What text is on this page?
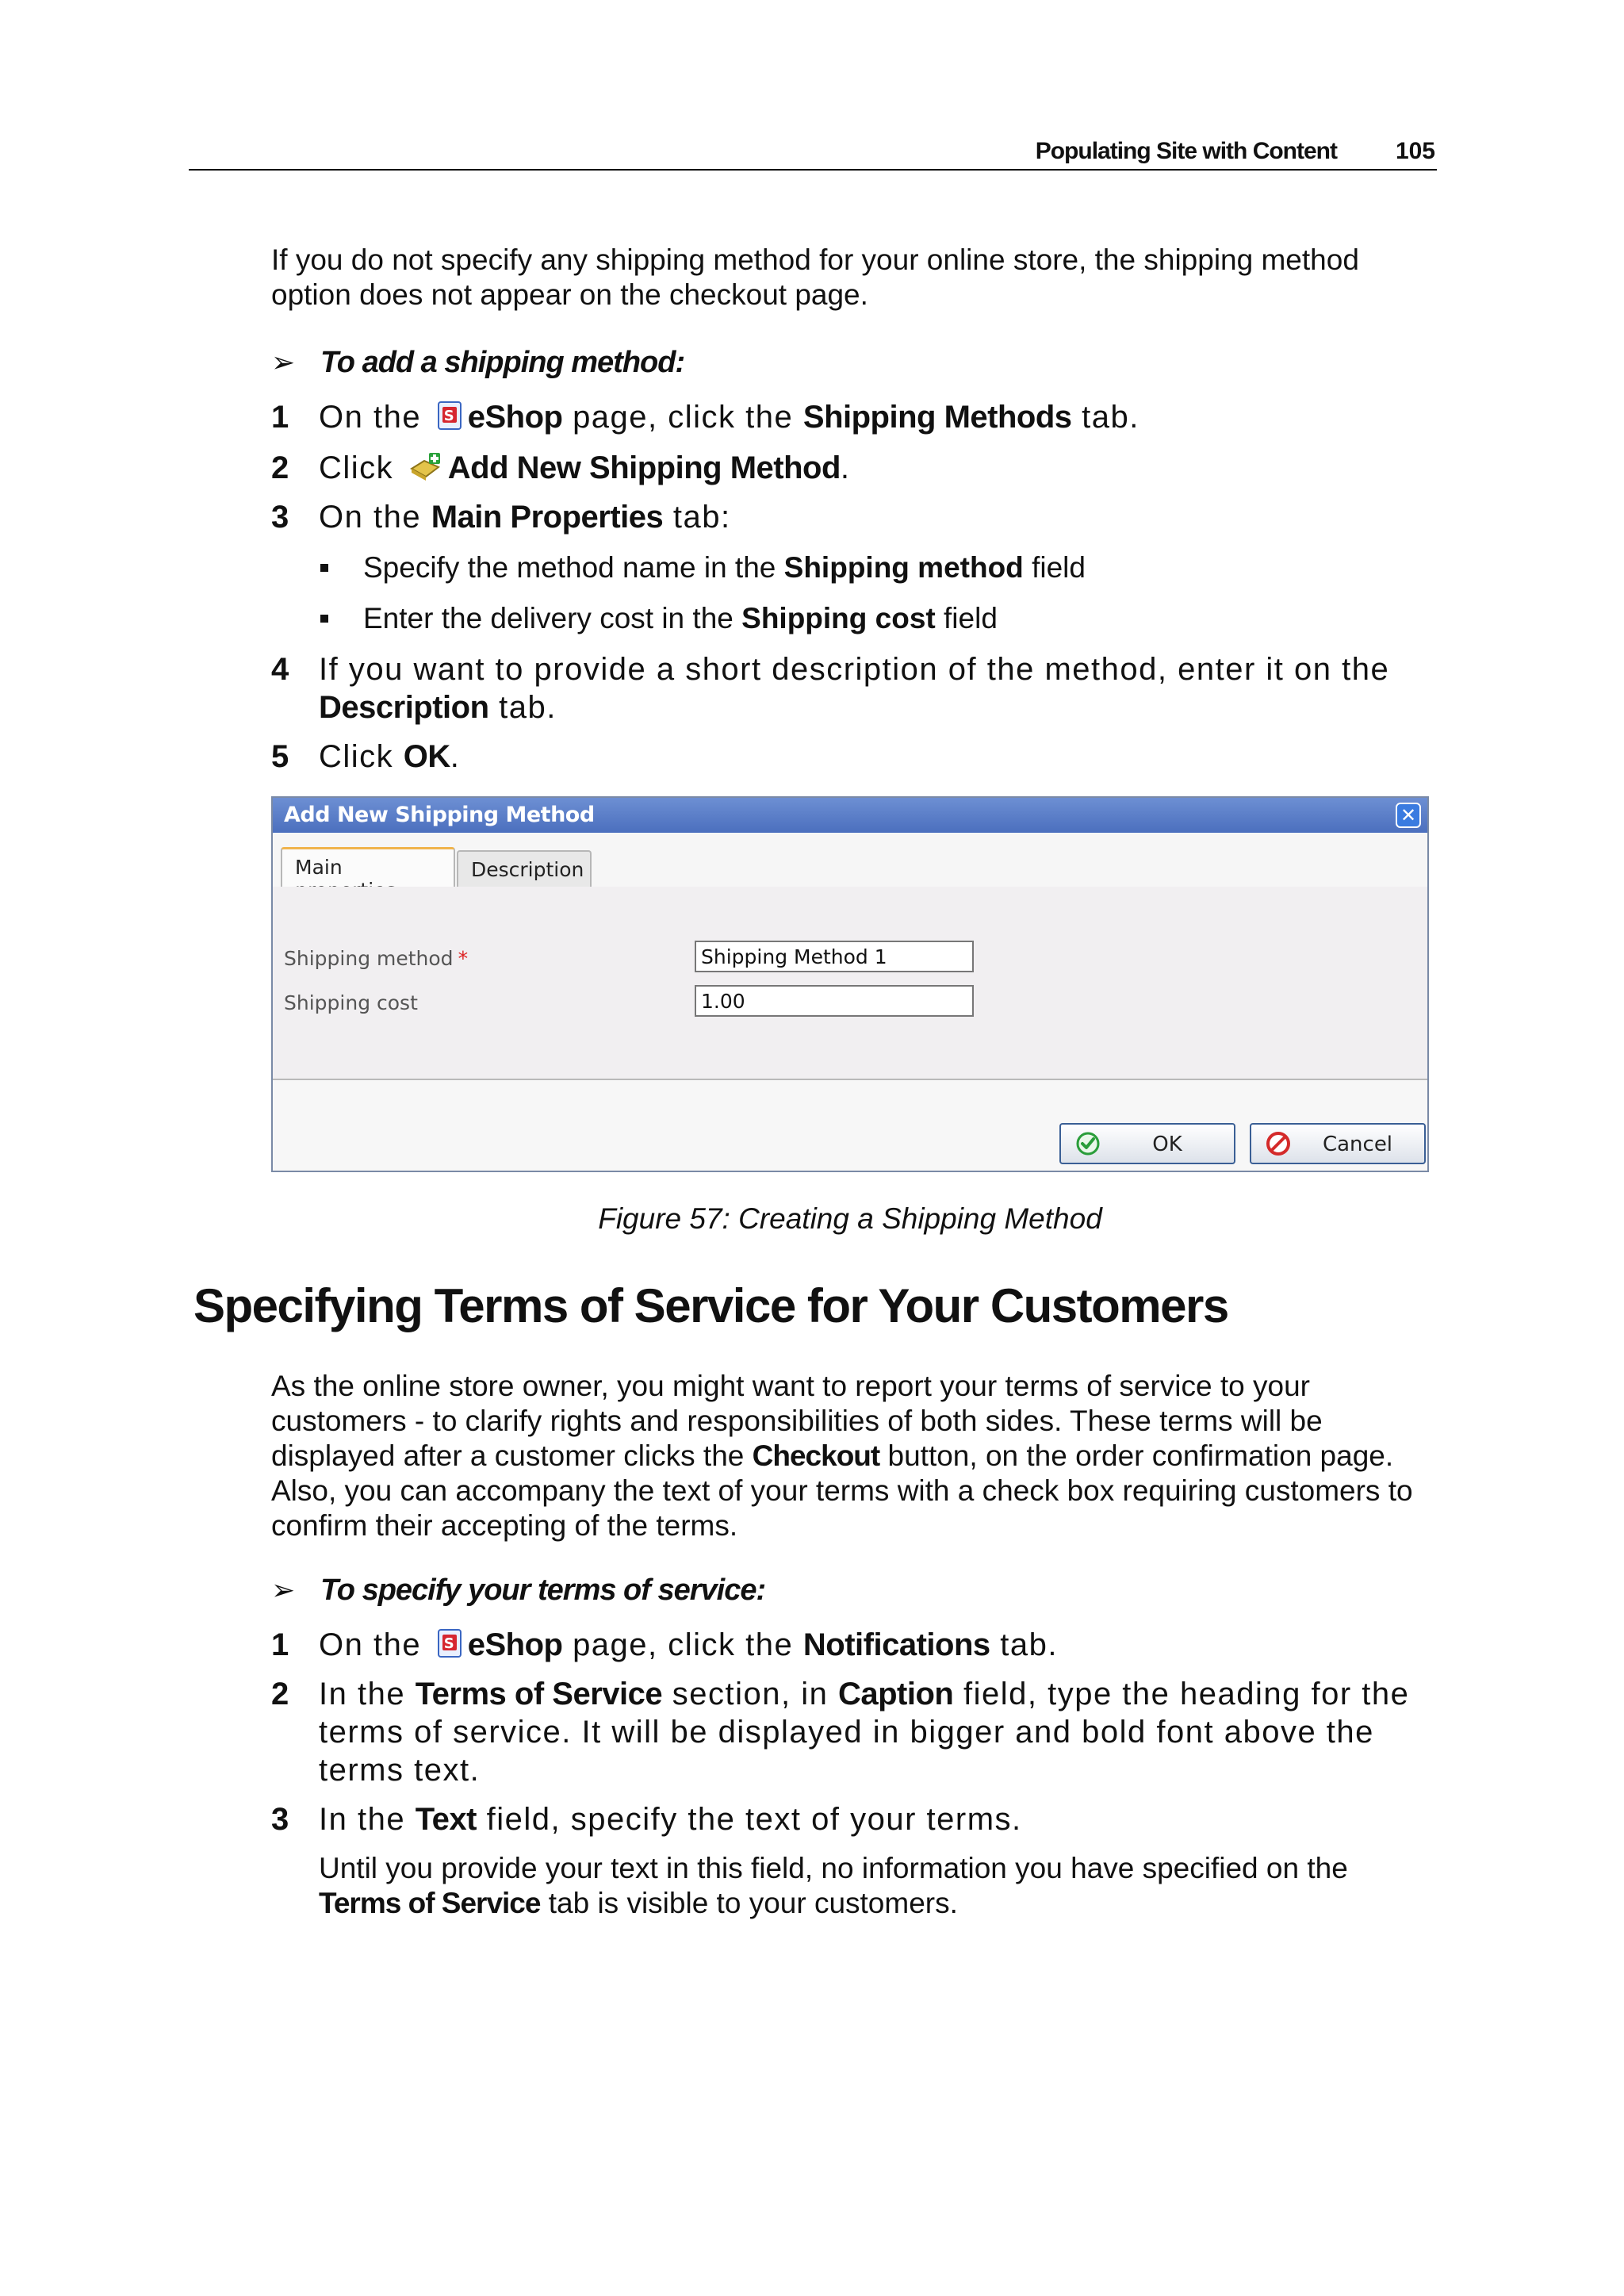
Populating Site with Content	105
If you do not specify any shipping method for your online store, the shipping method option does not appear on the checkout page.
➢ To add a shipping method:
1 On the S eShop page, click the Shipping Methods tab.
2 Click Add New Shipping Method.
3 On the Main Properties tab:
Specify the method name in the Shipping method field
Enter the delivery cost in the Shipping cost field
4 If you want to provide a short description of the method, enter it on the Description tab.
5 Click OK.
Add New Shipping Method	✕
Main	Description
Shipping method *	Shipping Method 1
Shipping cost	1.00
OK	Cancel
Figure 57: Creating a Shipping Method
Specifying Terms of Service for Your Customers
As the online store owner, you might want to report your terms of service to your customers - to clarify rights and responsibilities of both sides. These terms will be displayed after a customer clicks the Checkout button, on the order confirmation page. Also, you can accompany the text of your terms with a check box requiring customers to confirm their accepting of the terms.
➢ To specify your terms of service:
1 On the S eShop page, click the Notifications tab.
2 In the Terms of Service section, in Caption field, type the heading for the terms of service. It will be displayed in bigger and bold font above the terms text.
3 In the Text field, specify the text of your terms.
Until you provide your text in this field, no information you have specified on the Terms of Service tab is visible to your customers.
